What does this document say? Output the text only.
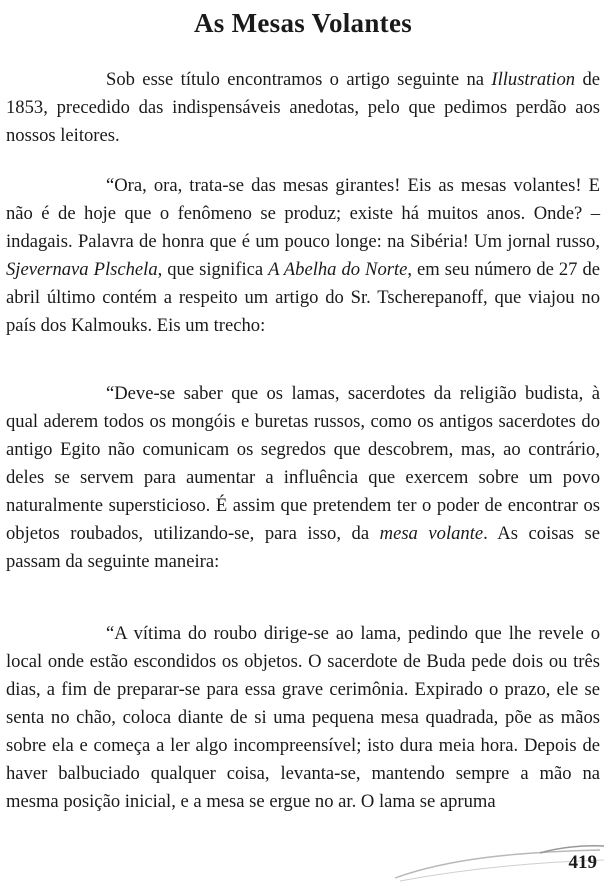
As Mesas Volantes

Sob esse título encontramos o artigo seguinte na Illustration de 1853, precedido das indispensáveis anedotas, pelo que pedimos perdão aos nossos leitores.

“Ora, ora, trata-se das mesas girantes! Eis as mesas volantes! E não é de hoje que o fenômeno se produz; existe há muitos anos. Onde? – indagais. Palavra de honra que é um pouco longe: na Sibéria! Um jornal russo, Sjevernava Plschela, que significa A Abelha do Norte, em seu número de 27 de abril último contém a respeito um artigo do Sr. Tscherepanoff, que viajou no país dos Kalmouks. Eis um trecho:

“Deve-se saber que os lamas, sacerdotes da religião budista, à qual aderem todos os mongóis e buretas russos, como os antigos sacerdotes do antigo Egito não comunicam os segredos que descobrem, mas, ao contrário, deles se servem para aumentar a influência que exercem sobre um povo naturalmente supersticioso. É assim que pretendem ter o poder de encontrar os objetos roubados, utilizando-se, para isso, da mesa volante. As coisas se passam da seguinte maneira:

“A vítima do roubo dirige-se ao lama, pedindo que lhe revele o local onde estão escondidos os objetos. O sacerdote de Buda pede dois ou três dias, a fim de preparar-se para essa grave cerimônia. Expirado o prazo, ele se senta no chão, coloca diante de si uma pequena mesa quadrada, põe as mãos sobre ela e começa a ler algo incompreensível; isto dura meia hora. Depois de haver balbuciado qualquer coisa, levanta-se, mantendo sempre a mão na mesma posição inicial, e a mesa se ergue no ar. O lama se apruma

419
